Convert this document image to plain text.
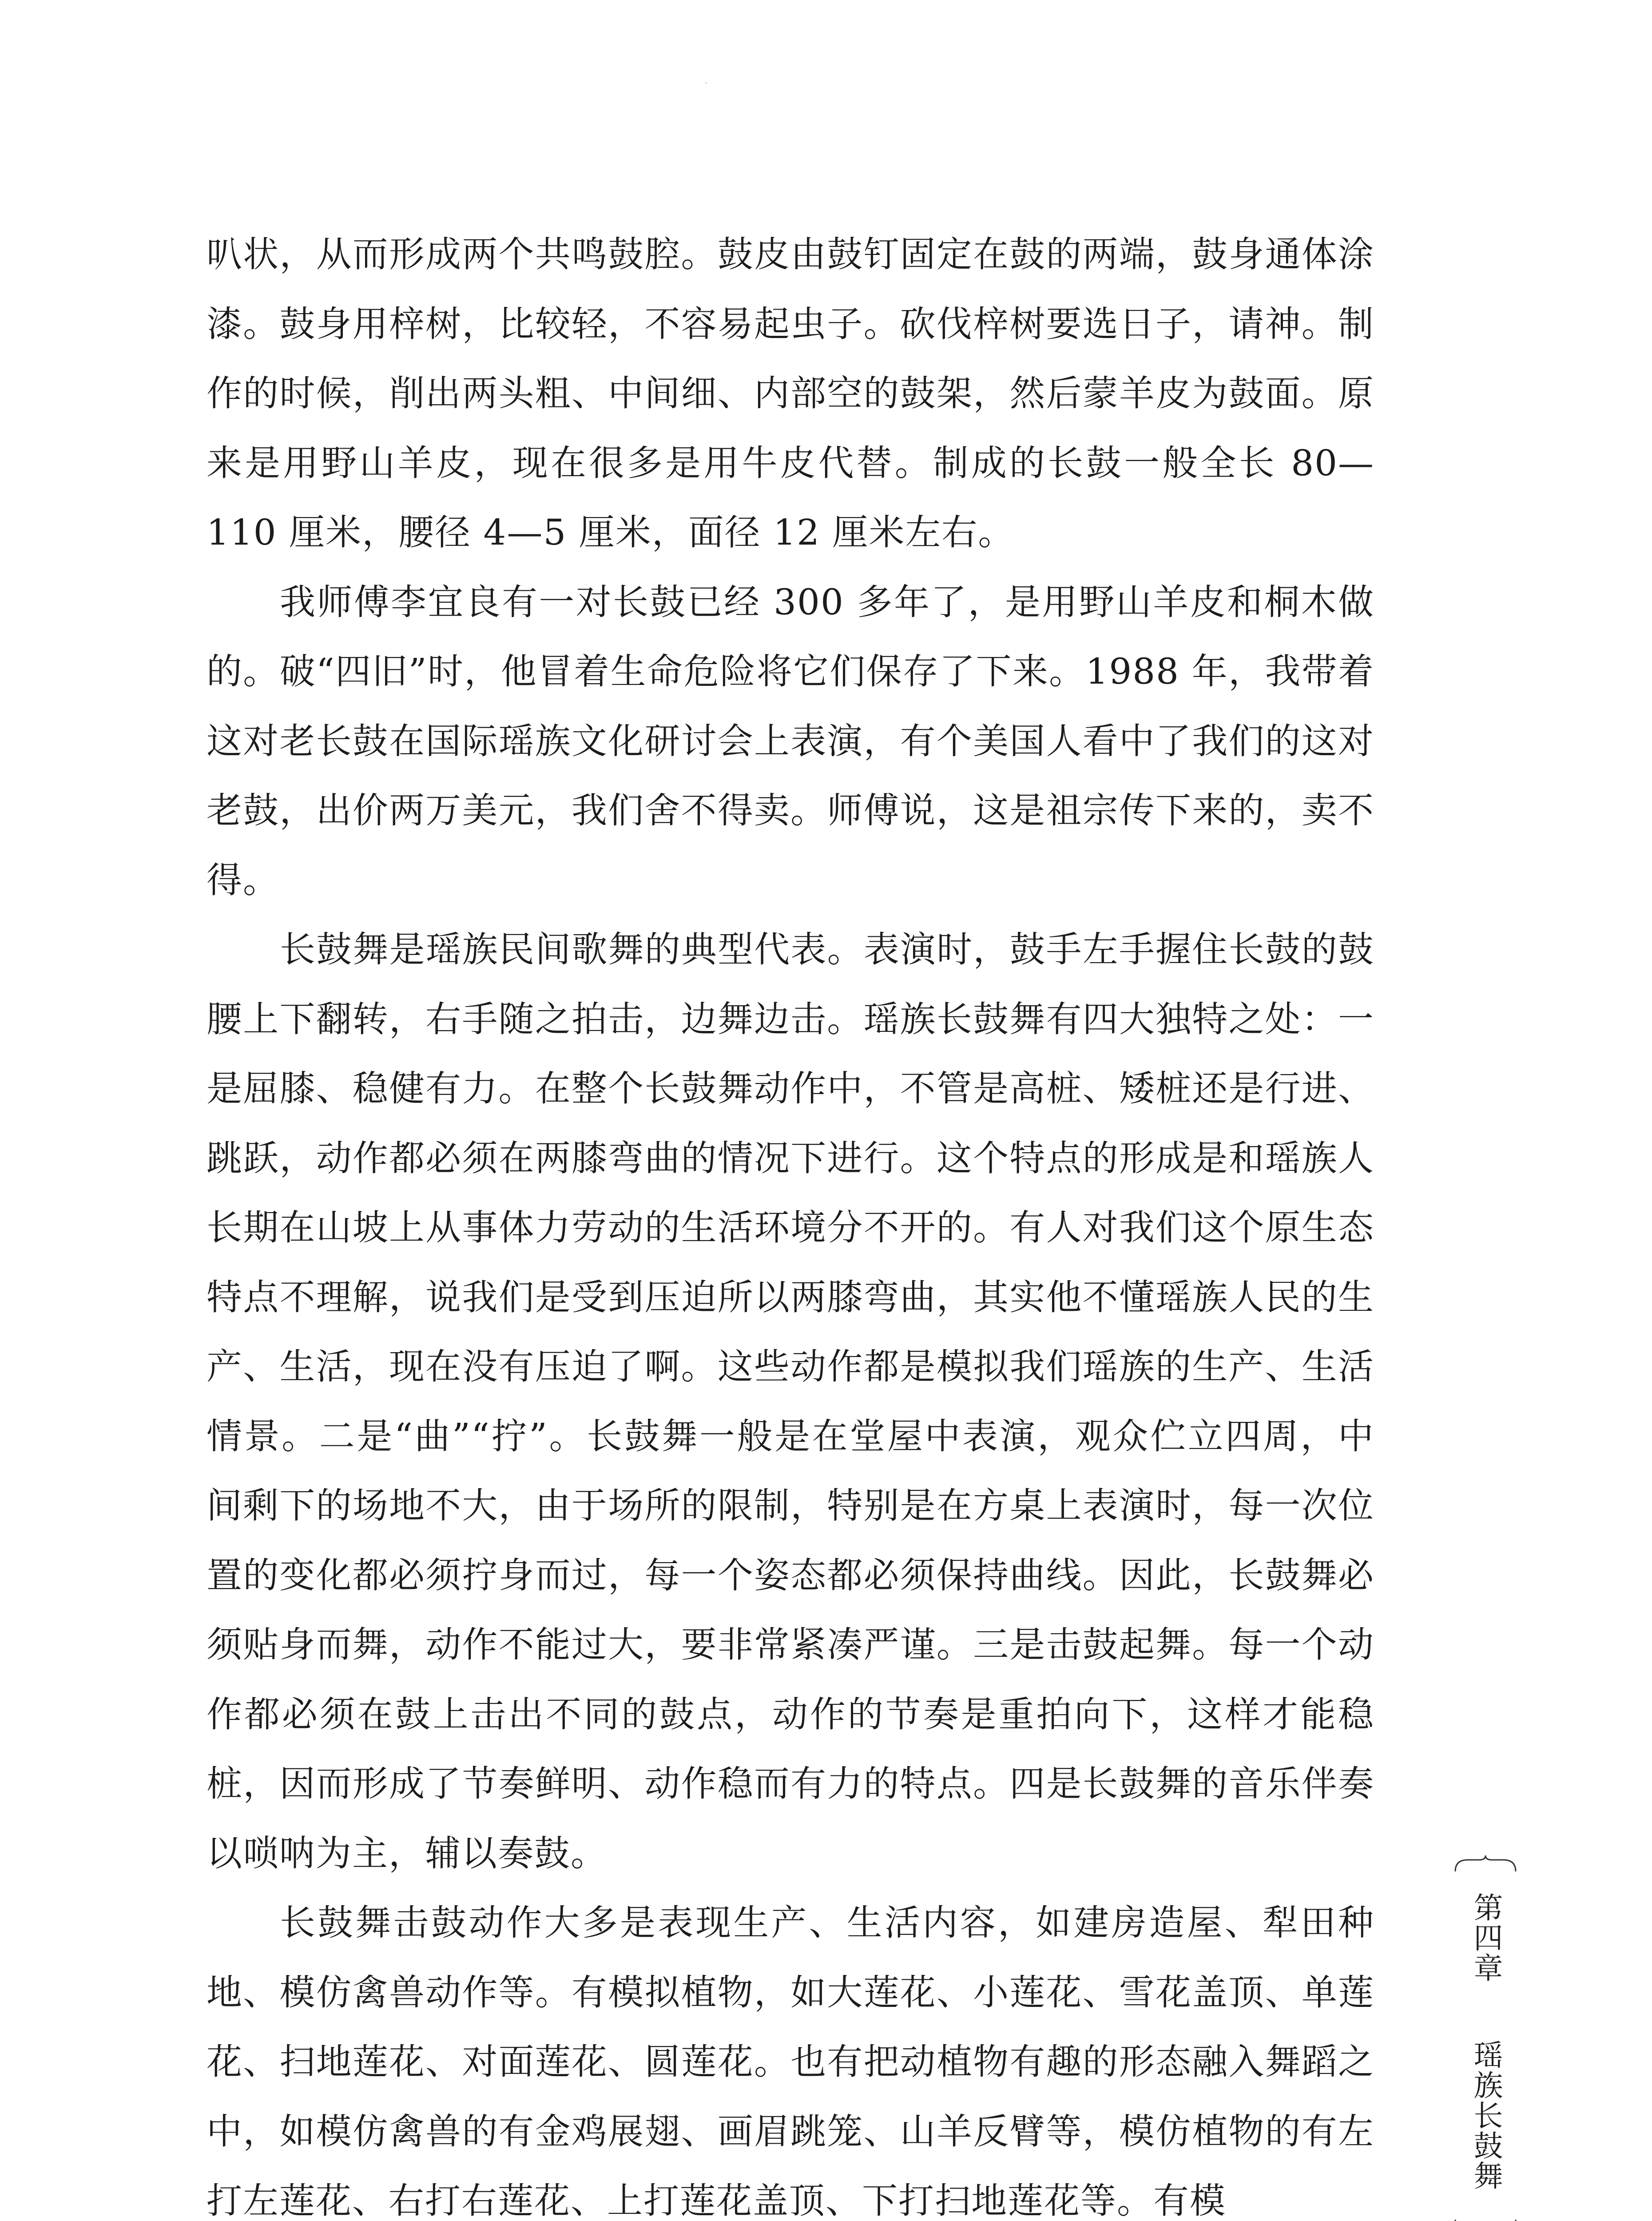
叭状，从而形成两个共鸣鼓腔。鼓皮由鼓钉固定在鼓的两端，鼓身通体涂漆。鼓身用梓树，比较轻，不容易起虫子。砍伐梓树要选日子，请神。制作的时候，削出两头粗、中间细、内部空的鼓架，然后蒙羊皮为鼓面。原来是用野山羊皮，现在很多是用牛皮代替。制成的长鼓一般全长 80—110 厘米，腰径 4—5 厘米，面径 12 厘米左右。

我师傅李宜良有一对长鼓已经 300 多年了，是用野山羊皮和桐木做的。破“四旧”时，他冒着生命危险将它们保存了下来。1988 年，我带着这对老长鼓在国际瑶族文化研讨会上表演，有个美国人看中了我们的这对老鼓，出价两万美元，我们舍不得卖。师傅说，这是祖宗传下来的，卖不得。

长鼓舞是瑶族民间歌舞的典型代表。表演时，鼓手左手握住长鼓的鼓腰上下翻转，右手随之拍击，边舞边击。瑶族长鼓舞有四大独特之处：一是屈膝、稳健有力。在整个长鼓舞动作中，不管是高桩、矮桩还是行进、跳跃，动作都必须在两膝弯曲的情况下进行。这个特点的形成是和瑶族人长期在山坡上从事体力劳动的生活环境分不开的。有人对我们这个原生态特点不理解，说我们是受到压迫所以两膝弯曲，其实他不懂瑶族人民的生产、生活，现在没有压迫了啊。这些动作都是模拟我们瑶族的生产、生活情景。二是“曲”“拧”。长鼓舞一般是在堂屋中表演，观众伫立四周，中间剩下的场地不大，由于场所的限制，特别是在方桌上表演时，每一次位置的变化都必须拧身而过，每一个姿态都必须保持曲线。因此，长鼓舞必须贴身而舞，动作不能过大，要非常紧凑严谨。三是击鼓起舞。每一个动作都必须在鼓上击出不同的鼓点，动作的节奏是重拍向下，这样才能稳桩，因而形成了节奏鲜明、动作稳而有力的特点。四是长鼓舞的音乐伴奏以唢呐为主，辅以奏鼓。

长鼓舞击鼓动作大多是表现生产、生活内容，如建房造屋、犁田种地、模仿禽兽动作等。有模拟植物，如大莲花、小莲花、雪花盖顶、单莲花、扫地莲花、对面莲花、圆莲花。也有把动植物有趣的形态融入舞蹈之中，如模仿禽兽的有金鸡展翅、画眉跳笼、山羊反臂等，模仿植物的有左打左莲花、右打右莲花、上打莲花盖顶、下打扫地莲花等。有模

第四章
瑶族长鼓舞
